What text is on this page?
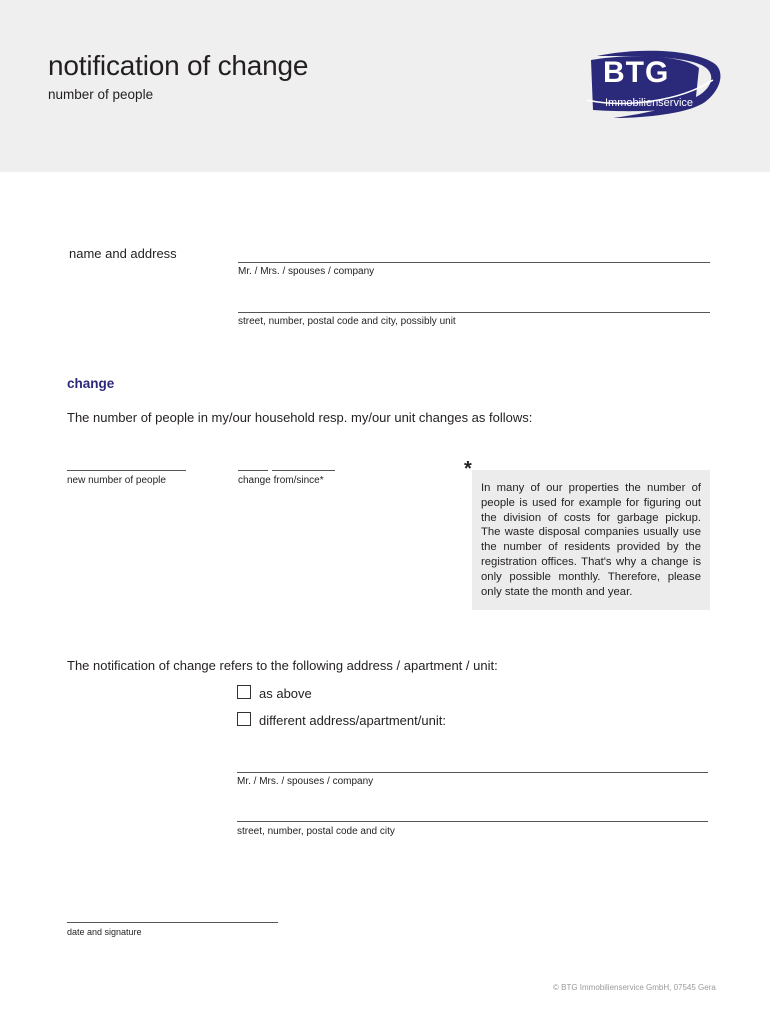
notification of change
number of people
BTG
Immobilienservice
name and address
Mr. / Mrs. / spouses / company
street, number, postal code and city, possibly unit
change
The number of people in my/our household resp. my/our unit changes as follows:
new number of people	change from/since*
*
In many of our properties the number of people is used for example for figuring out the division of costs for garbage pickup. The waste disposal companies usually use the number of residents provided by the registration offices. That's why a change is only possible monthly. Therefore, please only state the month and year.
The notification of change refers to the following address / apartment / unit:
as above
different address/apartment/unit:
Mr. / Mrs. / spouses / company
street, number, postal code and city
date and signature
© BTG Immobilienservice GmbH, 07545 Gera
